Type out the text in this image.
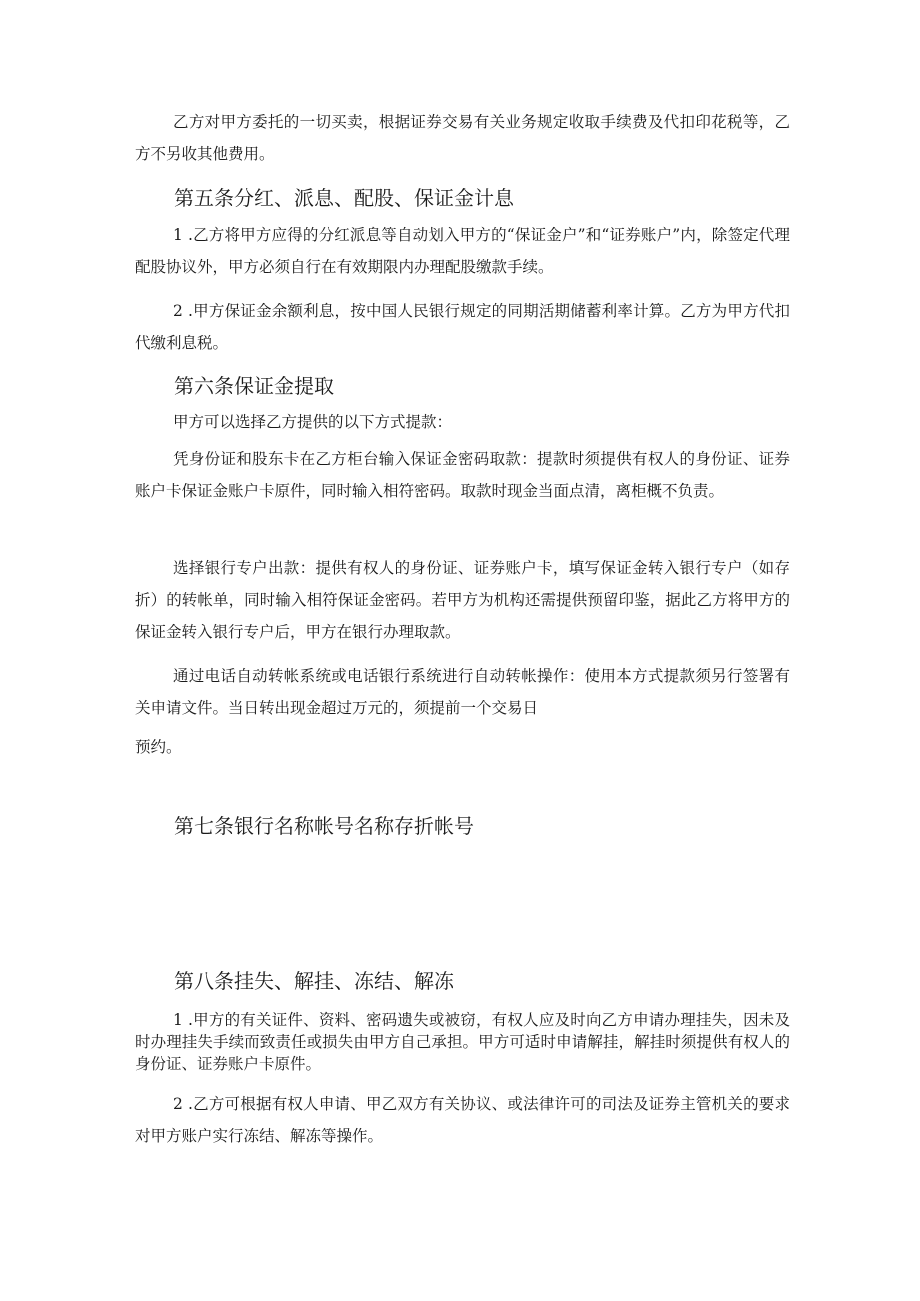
乙方对甲方委托的一切买卖，根据证券交易有关业务规定收取手续费及代扣印花税等，乙方不另收其他费用。

第五条分红、派息、配股、保证金计息

1 .乙方将甲方应得的分红派息等自动划入甲方的“保证金户”和“证券账户”内，除签定代理配股协议外，甲方必须自行在有效期限内办理配股缴款手续。

2 .甲方保证金余额利息，按中国人民银行规定的同期活期储蓄利率计算。乙方为甲方代扣代缴利息税。

第六条保证金提取

甲方可以选择乙方提供的以下方式提款：

凭身份证和股东卡在乙方柜台输入保证金密码取款：提款时须提供有权人的身份证、证券账户卡保证金账户卡原件，同时输入相符密码。取款时现金当面点清，离柜概不负责。

选择银行专户出款：提供有权人的身份证、证券账户卡，填写保证金转入银行专户（如存折）的转帐单，同时输入相符保证金密码。若甲方为机构还需提供预留印鉴，据此乙方将甲方的保证金转入银行专户后，甲方在银行办理取款。

通过电话自动转帐系统或电话银行系统进行自动转帐操作：使用本方式提款须另行签署有关申请文件。当日转出现金超过万元的，须提前一个交易日

预约。

第七条银行名称帐号名称存折帐号
第八条挂失、解挂、冻结、解冻

1 .甲方的有关证件、资料、密码遗失或被窃，有权人应及时向乙方申请办理挂失，因未及时办理挂失手续而致责任或损失由甲方自己承担。甲方可适时申请解挂，解挂时须提供有权人的身份证、证券账户卡原件。

2 .乙方可根据有权人申请、甲乙双方有关协议、或法律许可的司法及证券主管机关的要求对甲方账户实行冻结、解冻等操作。
